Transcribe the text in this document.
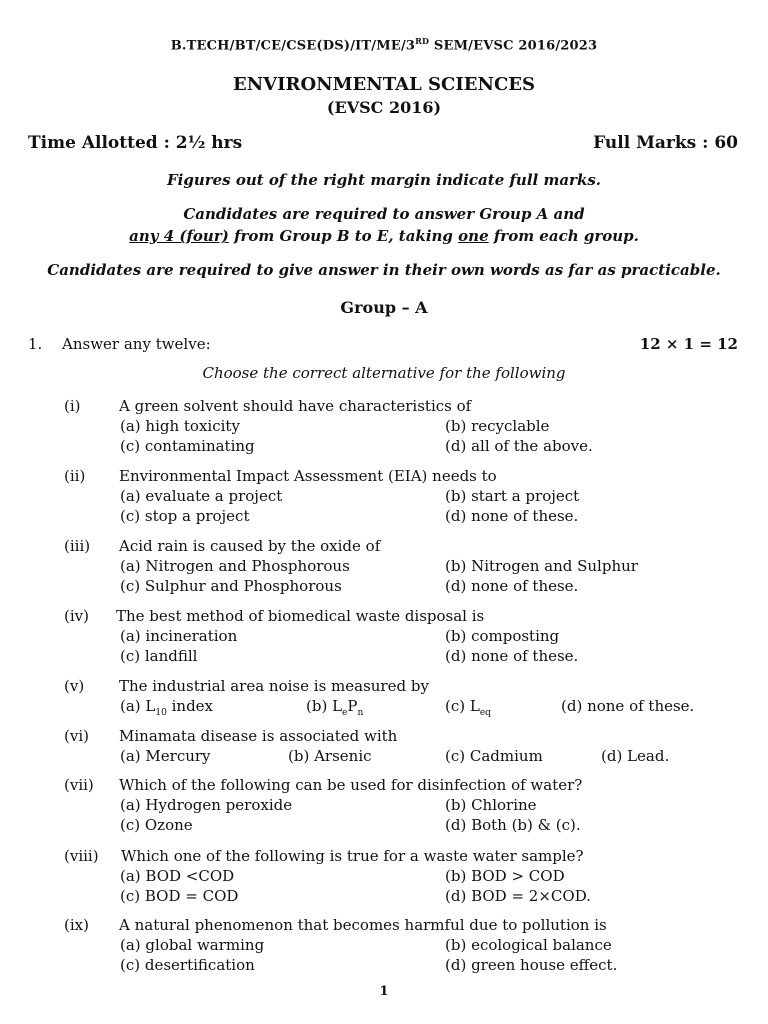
B.TECH/BT/CE/CSE(DS)/IT/ME/3RD SEM/EVSC 2016/2023
ENVIRONMENTAL SCIENCES
(EVSC 2016)
Time Allotted : 2½ hrs	Full Marks : 60
Figures out of the right margin indicate full marks.
Candidates are required to answer Group A and
any 4 (four) from Group B to E, taking one from each group.
Candidates are required to give answer in their own words as far as practicable.
Group – A
1. Answer any twelve:	12 × 1 = 12
Choose the correct alternative for the following
(i)	A green solvent should have characteristics of
(a) high toxicity	(b) recyclable
(c) contaminating	(d) all of the above.
(ii) Environmental Impact Assessment (EIA) needs to
(a) evaluate a project	(b) start a project
(c) stop a project	(d) none of these.
(iii) Acid rain is caused by the oxide of
(a) Nitrogen and Phosphorous	(b) Nitrogen and Sulphur
(c) Sulphur and Phosphorous	(d) none of these.
(iv) The best method of biomedical waste disposal is
(a) incineration	(b) composting
(c) landfill	(d) none of these.
(v) The industrial area noise is measured by
(a) $L_{10}$ index	(b) $L_eP_n$	(c) $L_{eq}$	(d) none of these.
(vi) Minamata disease is associated with
(a) Mercury	(b) Arsenic	(c) Cadmium	(d) Lead.
(vii) Which of the following can be used for disinfection of water?
(a) Hydrogen peroxide	(b) Chlorine
(c) Ozone	(d) Both (b) & (c).
(viii) Which one of the following is true for a waste water sample?
(a) BOD <COD	(b) BOD > COD
(c) BOD = COD	(d) BOD = 2×COD.
(ix) A natural phenomenon that becomes harmful due to pollution is
(a) global warming	(b) ecological balance
(c) desertification	(d) green house effect.
1
